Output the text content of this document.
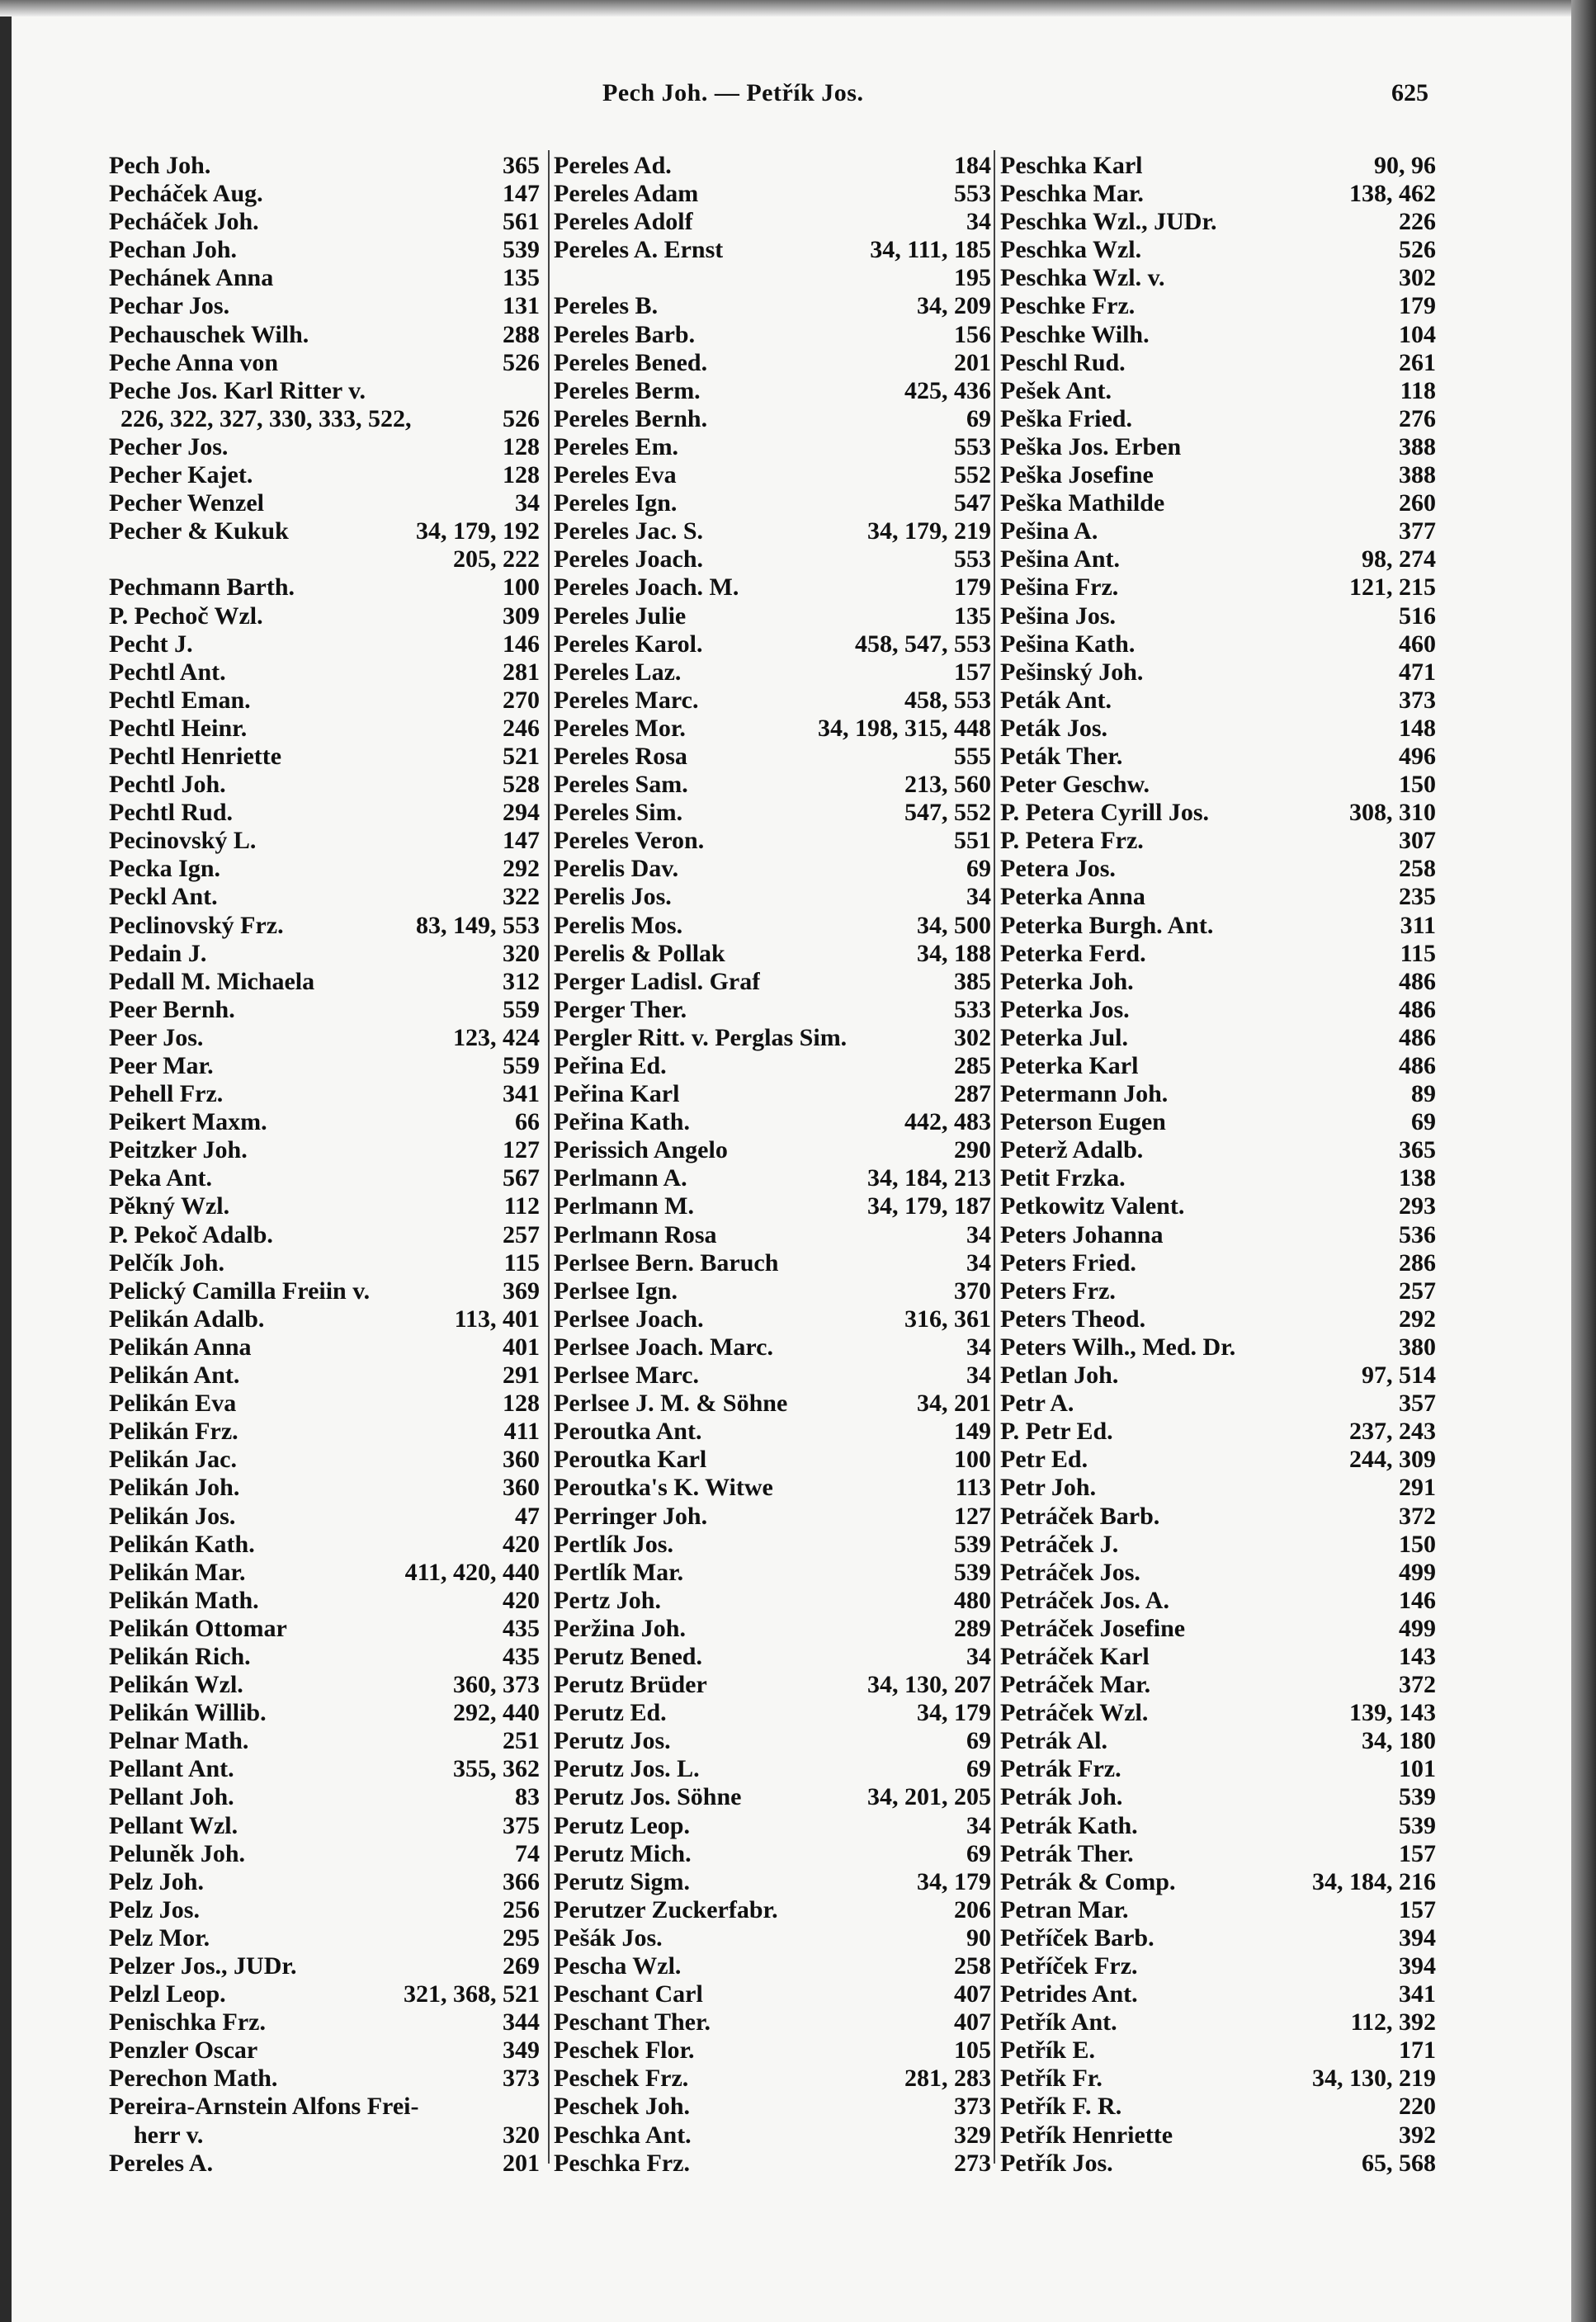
Pech Joh. — Petřík Jos.	625
Pech Joh.	365
Pecháček Aug.	147
Pecháček Joh.	561
Pechan Joh.	539
Pechánek Anna	135
Pechar Jos.	131
Pechauschek Wilh.	288
Peche Anna von	526
Peche Jos. Karl Ritter v.
226, 322, 327, 330, 333, 522,	526
Pecher Jos.	128
Pecher Kajet.	128
Pecher Wenzel	34
Pecher & Kukuk	34, 179, 192
205, 222
Pechmann Barth.	100
P. Pechoč Wzl.	309
Pecht J.	146
Pechtl Ant.	281
Pechtl Eman.	270
Pechtl Heinr.	246
Pechtl Henriette	521
Pechtl Joh.	528
Pechtl Rud.	294
Pecinovský L.	147
Pecka Ign.	292
Peckl Ant.	322
Peclinovský Frz.	83, 149, 553
Pedain J.	320
Pedall M. Michaela	312
Peer Bernh.	559
Peer Jos.	123, 424
Peer Mar.	559
Pehell Frz.	341
Peikert Maxm.	66
Peitzker Joh.	127
Peka Ant.	567
Pěkný Wzl.	112
P. Pekoč Adalb.	257
Pelčík Joh.	115
Pelický Camilla Freiin v.	369
Pelikán Adalb.	113, 401
Pelikán Anna	401
Pelikán Ant.	291
Pelikán Eva	128
Pelikán Frz.	411
Pelikán Jac.	360
Pelikán Joh.	360
Pelikán Jos.	47
Pelikán Kath.	420
Pelikán Mar.	411, 420, 440
Pelikán Math.	420
Pelikán Ottomar	435
Pelikán Rich.	435
Pelikán Wzl.	360, 373
Pelikán Willib.	292, 440
Pelnar Math.	251
Pellant Ant.	355, 362
Pellant Joh.	83
Pellant Wzl.	375
Peluněk Joh.	74
Pelz Joh.	366
Pelz Jos.	256
Pelz Mor.	295
Pelzer Jos., JUDr.	269
Pelzl Leop.	321, 368, 521
Penischka Frz.	344
Penzler Oscar	349
Perechon Math.	373
Pereira-Arnstein Alfons Frei-
herr v.	320
Pereles A.	201
Pereles Ad.	184
Pereles Adam	553
Pereles Adolf	34
Pereles A. Ernst	34, 111, 185
195
Pereles B.	34, 209
Pereles Barb.	156
Pereles Bened.	201
Pereles Berm.	425, 436
Pereles Bernh.	69
Pereles Em.	553
Pereles Eva	552
Pereles Ign.	547
Pereles Jac. S.	34, 179, 219
Pereles Joach.	553
Pereles Joach. M.	179
Pereles Julie	135
Pereles Karol.	458, 547, 553
Pereles Laz.	157
Pereles Marc.	458, 553
Pereles Mor.	34, 198, 315, 448
Pereles Rosa	555
Pereles Sam.	213, 560
Pereles Sim.	547, 552
Pereles Veron.	551
Perelis Dav.	69
Perelis Jos.	34
Perelis Mos.	34, 500
Perelis & Pollak	34, 188
Perger Ladisl. Graf	385
Perger Ther.	533
Pergler Ritt. v. Perglas Sim.	302
Peřina Ed.	285
Peřina Karl	287
Peřina Kath.	442, 483
Perissich Angelo	290
Perlmann A.	34, 184, 213
Perlmann M.	34, 179, 187
Perlmann Rosa	34
Perlsee Bern. Baruch	34
Perlsee Ign.	370
Perlsee Joach.	316, 361
Perlsee Joach. Marc.	34
Perlsee Marc.	34
Perlsee J. M. & Söhne	34, 201
Peroutka Ant.	149
Peroutka Karl	100
Peroutka's K. Witwe	113
Perringer Joh.	127
Pertlík Jos.	539
Pertlík Mar.	539
Pertz Joh.	480
Peržina Joh.	289
Perutz Bened.	34
Perutz Brüder	34, 130, 207
Perutz Ed.	34, 179
Perutz Jos.	69
Perutz Jos. L.	69
Perutz Jos. Söhne	34, 201, 205
Perutz Leop.	34
Perutz Mich.	69
Perutz Sigm.	34, 179
Perutzer Zuckerfabr.	206
Pešák Jos.	90
Pescha Wzl.	258
Peschant Carl	407
Peschant Ther.	407
Peschek Flor.	105
Peschek Frz.	281, 283
Peschek Joh.	373
Peschka Ant.	329
Peschka Frz.	273
Peschka Karl	90, 96
Peschka Mar.	138, 462
Peschka Wzl., JUDr.	226
Peschka Wzl.	526
Peschka Wzl. v.	302
Peschke Frz.	179
Peschke Wilh.	104
Peschl Rud.	261
Pešek Ant.	118
Peška Fried.	276
Peška Jos. Erben	388
Peška Josefine	388
Peška Mathilde	260
Pešina A.	377
Pešina Ant.	98, 274
Pešina Frz.	121, 215
Pešina Jos.	516
Pešina Kath.	460
Pešinský Joh.	471
Peták Ant.	373
Peták Jos.	148
Peták Ther.	496
Peter Geschw.	150
P. Petera Cyrill Jos.	308, 310
P. Petera Frz.	307
Petera Jos.	258
Peterka Anna	235
Peterka Burgh. Ant.	311
Peterka Ferd.	115
Peterka Joh.	486
Peterka Jos.	486
Peterka Jul.	486
Peterka Karl	486
Petermann Joh.	89
Peterson Eugen	69
Peterž Adalb.	365
Petit Frzka.	138
Petkowitz Valent.	293
Peters Johanna	536
Peters Fried.	286
Peters Frz.	257
Peters Theod.	292
Peters Wilh., Med. Dr.	380
Petlan Joh.	97, 514
Petr A.	357
P. Petr Ed.	237, 243
Petr Ed.	244, 309
Petr Joh.	291
Petráček Barb.	372
Petráček J.	150
Petráček Jos.	499
Petráček Jos. A.	146
Petráček Josefine	499
Petráček Karl	143
Petráček Mar.	372
Petráček Wzl.	139, 143
Petrák Al.	34, 180
Petrák Frz.	101
Petrák Joh.	539
Petrák Kath.	539
Petrák Ther.	157
Petrák & Comp.	34, 184, 216
Petran Mar.	157
Petříček Barb.	394
Petříček Frz.	394
Petrides Ant.	341
Petřík Ant.	112, 392
Petřík E.	171
Petřík Fr.	34, 130, 219
Petřík F. R.	220
Petřík Henriette	392
Petřík Jos.	65, 568
